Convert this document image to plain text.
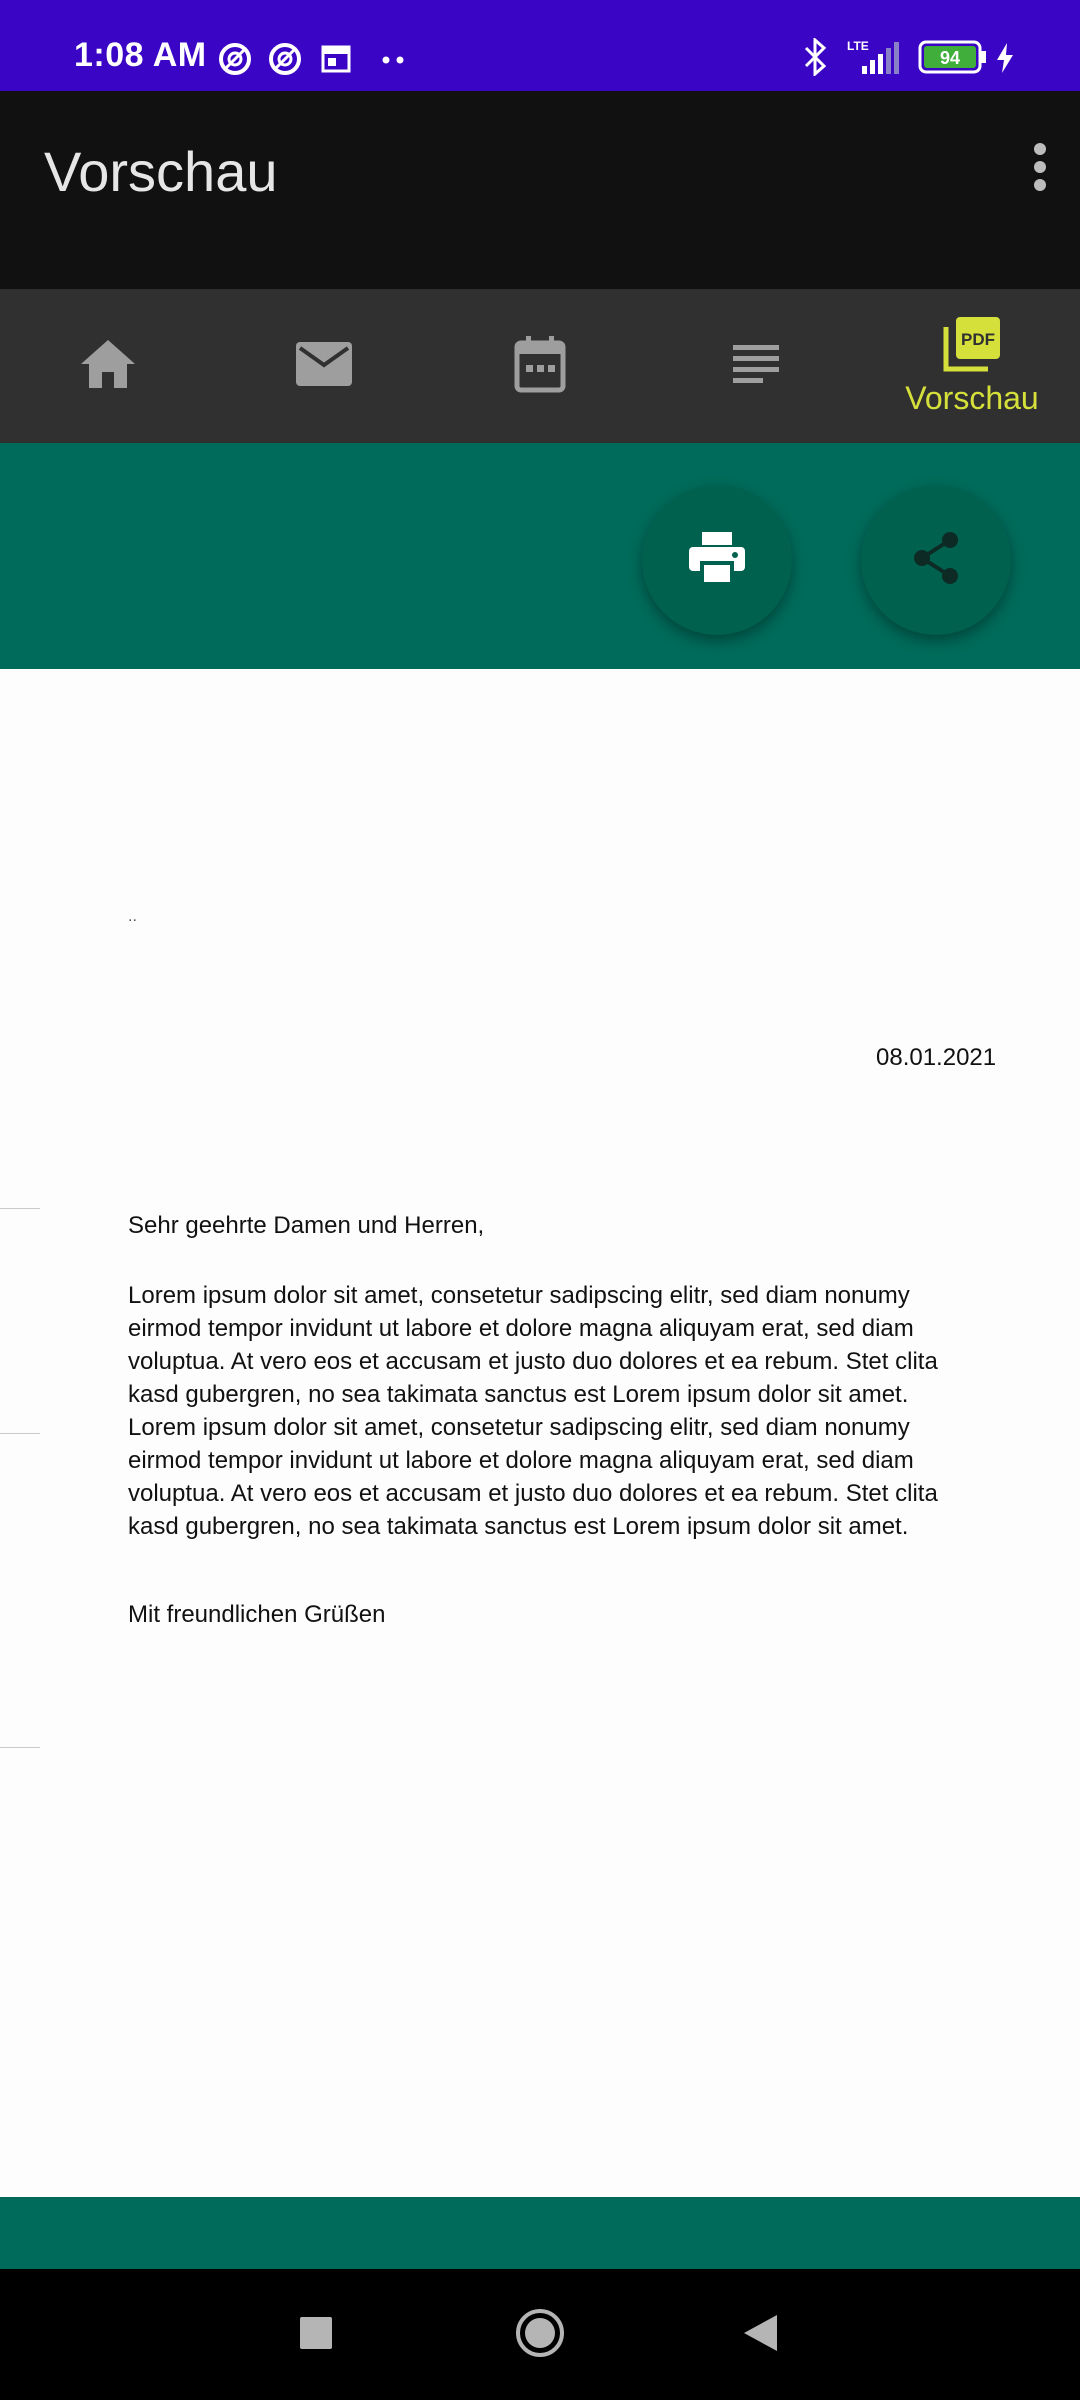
1:08 AM	LTE
94
Vorschau
PDF
Vorschau
..
08.01.2021
Sehr geehrte Damen und Herren,
Lorem ipsum dolor sit amet, consetetur sadipscing elitr, sed diam nonumy
eirmod tempor invidunt ut labore et dolore magna aliquyam erat, sed diam
voluptua. At vero eos et accusam et justo duo dolores et ea rebum. Stet clita
kasd gubergren, no sea takimata sanctus est Lorem ipsum dolor sit amet.
Lorem ipsum dolor sit amet, consetetur sadipscing elitr, sed diam nonumy
eirmod tempor invidunt ut labore et dolore magna aliquyam erat, sed diam
voluptua. At vero eos et accusam et justo duo dolores et ea rebum. Stet clita
kasd gubergren, no sea takimata sanctus est Lorem ipsum dolor sit amet.
Mit freundlichen Grüßen
